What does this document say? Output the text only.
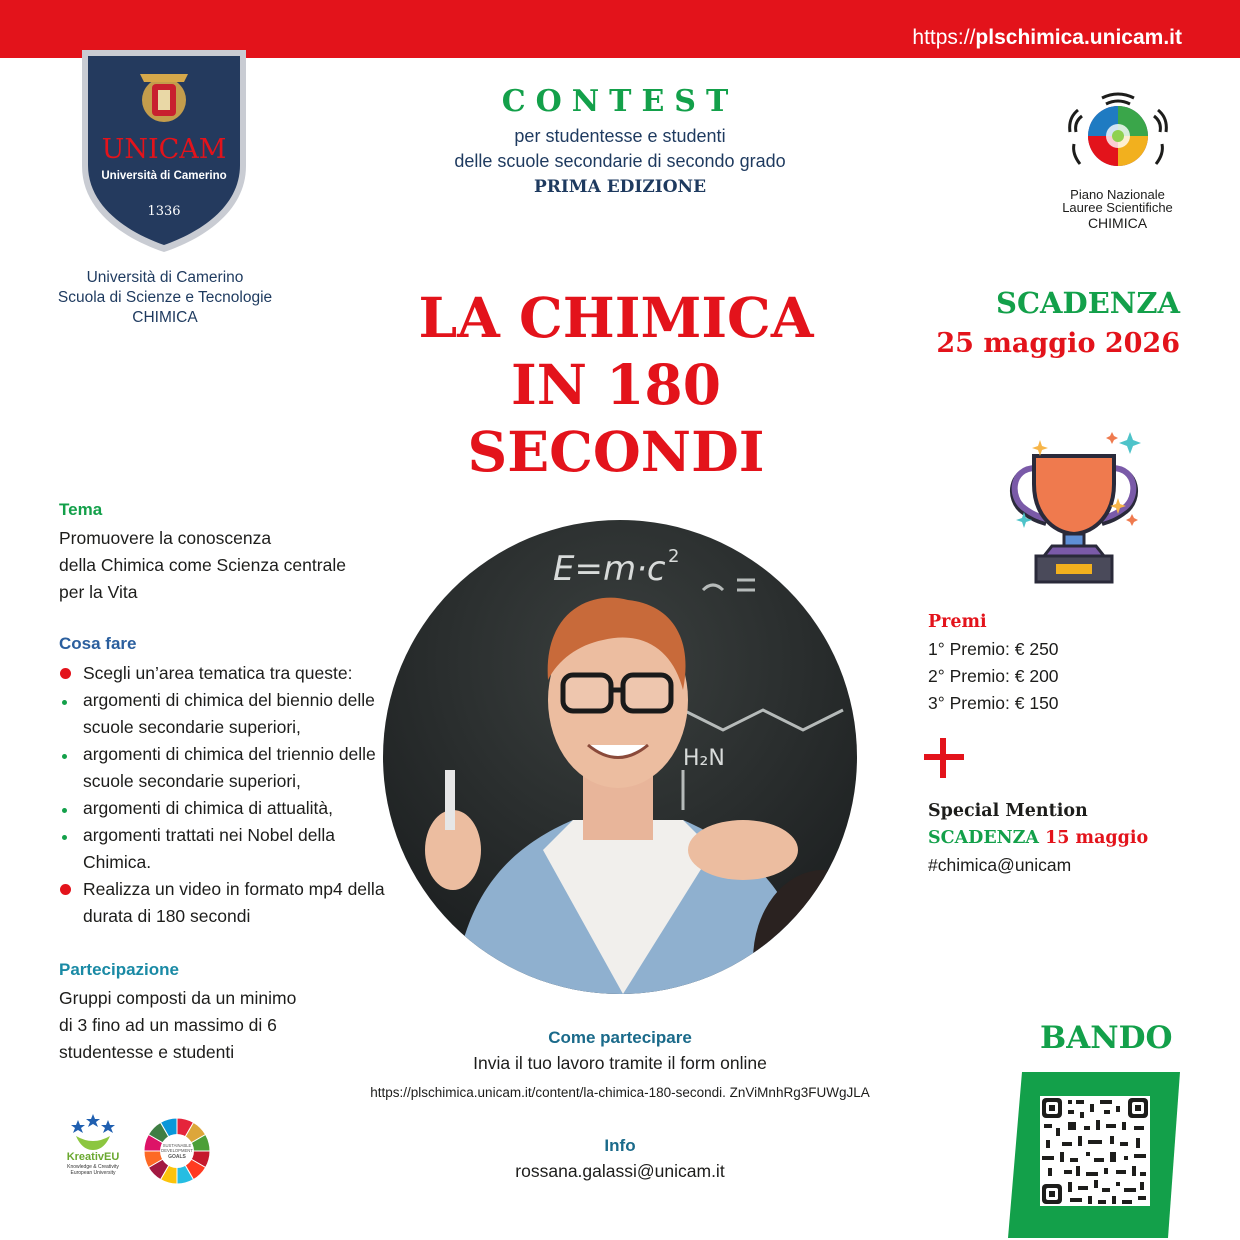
https://plschimica.unicam.it
UNICAM
Università di Camerino
1336
Università di Camerino
Scuola di Scienze e Tecnologie
CHIMICA
CONTEST
per studentesse e studenti
delle scuole secondarie di secondo grado
PRIMA EDIZIONE	Piano Nazionale
Lauree Scientifiche
CHIMICA
LA CHIMICA
IN 180
SECONDI
SCADENZA
25 maggio 2026
Tema
Promuovere la conoscenza
della Chimica come Scienza centrale
per la Vita
Cosa fare
Scegli un’area tematica tra queste:
argomenti di chimica del biennio delle scuole secondarie superiori,
argomenti di chimica del triennio delle scuole secondarie superiori,
argomenti di chimica di attualità,
argomenti trattati nei Nobel della Chimica.
Realizza un video in formato mp4 della durata di 180 secondi
Partecipazione
Gruppi composti da un minimo
di 3 fino ad un massimo di 6
studentesse e studenti
E=m·c 2
H₂N
Premi
1° Premio: € 250
2° Premio: € 200
3° Premio: € 150
Special Mention
SCADENZA 15 maggio
#chimica@unicam
Come partecipare
Invia il tuo lavoro tramite il form online
https://plschimica.unicam.it/content/la-chimica-180-secondi. ZnViMnhRg3FUWgJLA
Info
rossana.galassi@unicam.it
BANDO
KreativEU
Knowledge & Creativity
European University
SUSTAINABLE
DEVELOPMENT
GOALS
